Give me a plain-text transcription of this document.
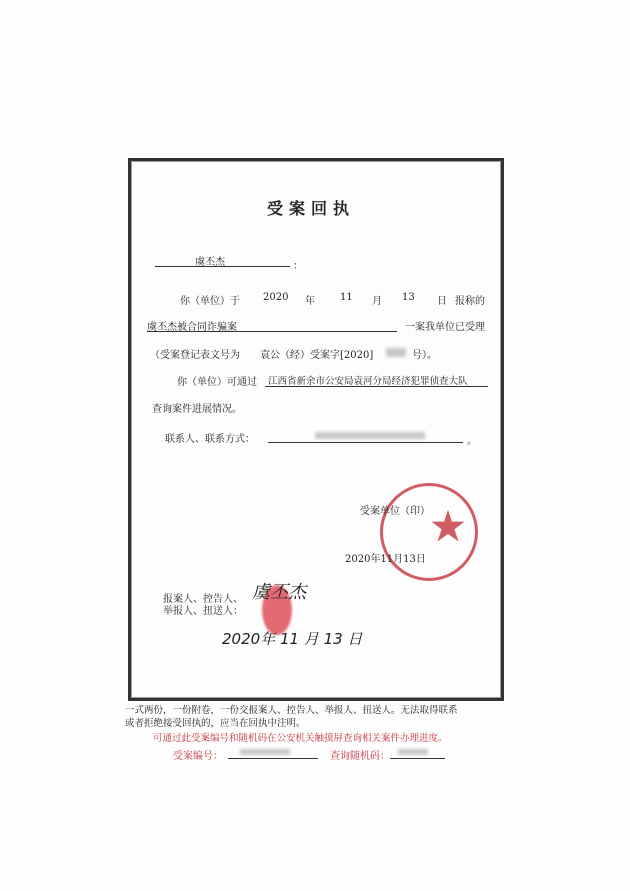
受案回执
虞丕杰	：
你（单位）于 2020 年	11 月 13 日 报称的
虞丕杰被合同诈骗案	一案我单位已受理
（受案登记表文号为 袁公（经）受案字[2020]	号）。
你（单位）可通过 江西省新余市公安局袁河分局经济犯罪侦查大队
查询案件进展情况。
联系人、联系方式：	。
受案单位（印）
2020年11月13日
报案人、控告人、
举报人、扭送人：
虞丕杰
2020年 11 月 13 日
一式两份，一份附卷，一份交报案人、控告人、举报人、扭送人。无法取得联系
或者拒绝接受回执的，应当在回执中注明。
可通过此受案编号和随机码在公安机关触摸屏查询相关案件办理进度。
受案编号：	查询随机码：
